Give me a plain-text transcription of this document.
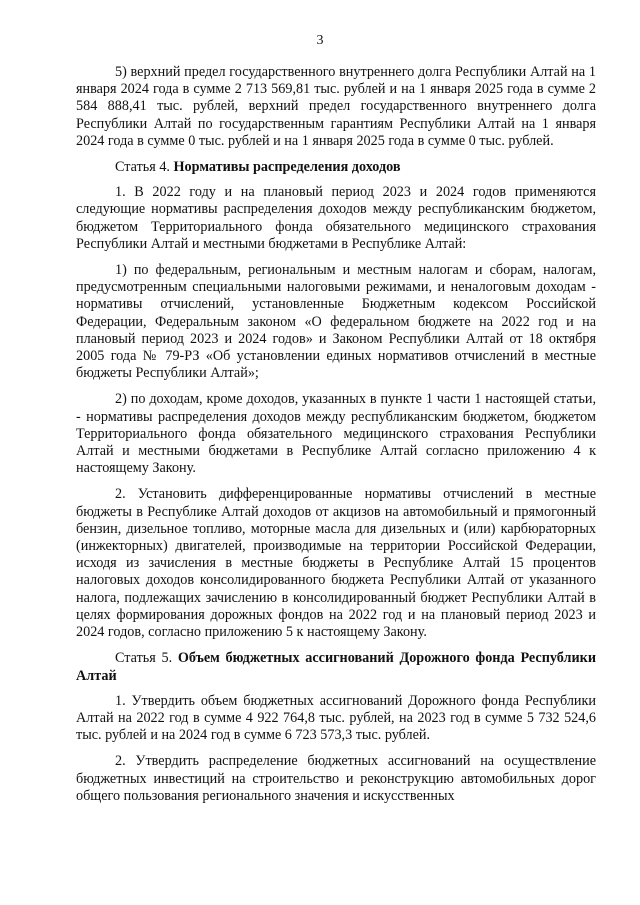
3

5) верхний предел государственного внутреннего долга Республики Алтай на 1 января 2024 года в сумме 2 713 569,81 тыс. рублей и на 1 января 2025 года в сумме 2 584 888,41 тыс. рублей, верхний предел государственного внутреннего долга Республики Алтай по государственным гарантиям Республики Алтай на 1 января 2024 года в сумме 0 тыс. рублей и на 1 января 2025 года в сумме 0 тыс. рублей.

Статья 4. Нормативы распределения доходов

1. В 2022 году и на плановый период 2023 и 2024 годов применяются следующие нормативы распределения доходов между республиканским бюджетом, бюджетом Территориального фонда обязательного медицинского страхования Республики Алтай и местными бюджетами в Республике Алтай:

1) по федеральным, региональным и местным налогам и сборам, налогам, предусмотренным специальными налоговыми режимами, и неналоговым доходам - нормативы отчислений, установленные Бюджетным кодексом Российской Федерации, Федеральным законом «О федеральном бюджете на 2022 год и на плановый период 2023 и 2024 годов» и Законом Республики Алтай от 18 октября 2005 года № 79-РЗ «Об установлении единых нормативов отчислений в местные бюджеты Республики Алтай»;

2) по доходам, кроме доходов, указанных в пункте 1 части 1 настоящей статьи, - нормативы распределения доходов между республиканским бюджетом, бюджетом Территориального фонда обязательного медицинского страхования Республики Алтай и местными бюджетами в Республике Алтай согласно приложению 4 к настоящему Закону.

2. Установить дифференцированные нормативы отчислений в местные бюджеты в Республике Алтай доходов от акцизов на автомобильный и прямогонный бензин, дизельное топливо, моторные масла для дизельных и (или) карбюраторных (инжекторных) двигателей, производимые на территории Российской Федерации, исходя из зачисления в местные бюджеты в Республике Алтай 15 процентов налоговых доходов консолидированного бюджета Республики Алтай от указанного налога, подлежащих зачислению в консолидированный бюджет Республики Алтай в целях формирования дорожных фондов на 2022 год и на плановый период 2023 и 2024 годов, согласно приложению 5 к настоящему Закону.

Статья 5. Объем бюджетных ассигнований Дорожного фонда Республики Алтай

1. Утвердить объем бюджетных ассигнований Дорожного фонда Республики Алтай на 2022 год в сумме 4 922 764,8 тыс. рублей, на 2023 год в сумме 5 732 524,6 тыс. рублей и на 2024 год в сумме 6 723 573,3 тыс. рублей.

2. Утвердить распределение бюджетных ассигнований на осуществление бюджетных инвестиций на строительство и реконструкцию автомобильных дорог общего пользования регионального значения и искусственных
